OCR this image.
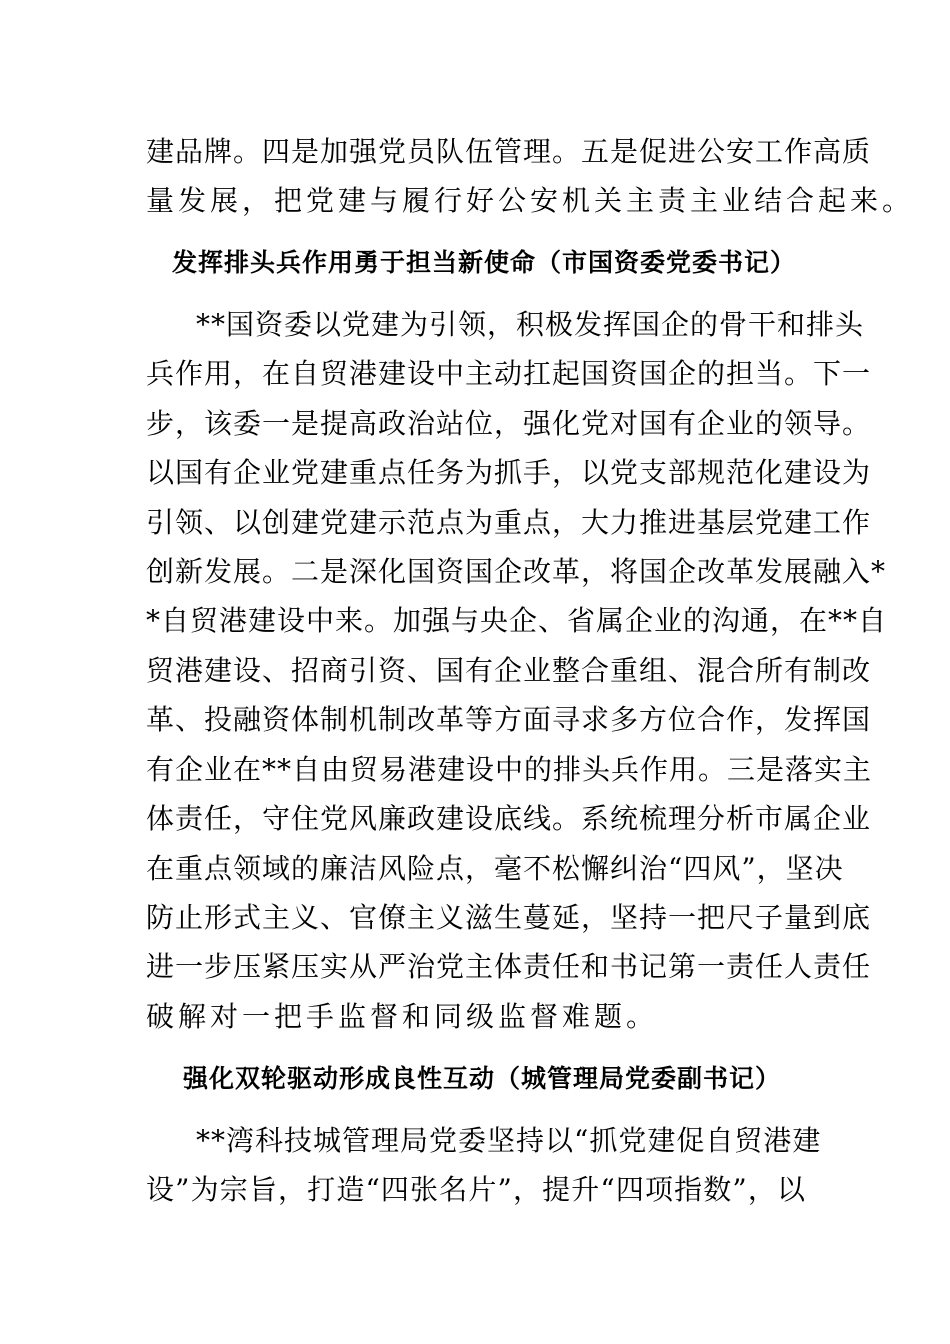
建品牌。四是加强党员队伍管理。五是促进公安工作高质
量发展，把党建与履行好公安机关主责主业结合起来。
发挥排头兵作用勇于担当新使命（市国资委党委书记）
**国资委以党建为引领，积极发挥国企的骨干和排头
兵作用，在自贸港建设中主动扛起国资国企的担当。下一
步，该委一是提高政治站位，强化党对国有企业的领导。
以国有企业党建重点任务为抓手，以党支部规范化建设为
引领、以创建党建示范点为重点，大力推进基层党建工作
创新发展。二是深化国资国企改革，将国企改革发展融入*
*自贸港建设中来。加强与央企、省属企业的沟通，在**自
贸港建设、招商引资、国有企业整合重组、混合所有制改
革、投融资体制机制改革等方面寻求多方位合作，发挥国
有企业在**自由贸易港建设中的排头兵作用。三是落实主
体责任，守住党风廉政建设底线。系统梳理分析市属企业
在重点领域的廉洁风险点，毫不松懈纠治“四风”，坚决
防止形式主义、官僚主义滋生蔓延，坚持一把尺子量到底
进一步压紧压实从严治党主体责任和书记第一责任人责任
破解对一把手监督和同级监督难题。
强化双轮驱动形成良性互动（城管理局党委副书记）
**湾科技城管理局党委坚持以“抓党建促自贸港建
设”为宗旨，打造“四张名片”，提升“四项指数”，以
